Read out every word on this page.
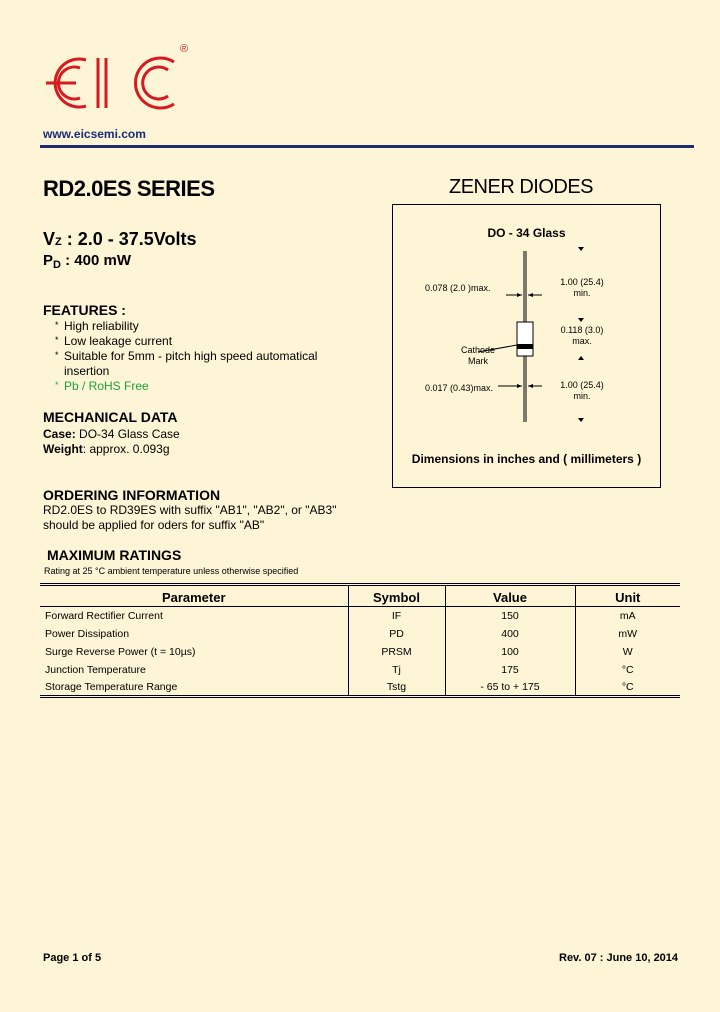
®
www.eicsemi.com
RD2.0ES SERIES	ZENER DIODES
VZ : 2.0 - 37.5Volts
$P_D$ : 400 mW
FEATURES :
* High reliability
* Low leakage current
* Suitable for 5mm - pitch high speed automatical insertion
* Pb / RoHS Free
MECHANICAL DATA
Case: DO-34 Glass Case
Weight: approx. 0.093g
ORDERING INFORMATION
RD2.0ES to RD39ES with suffix "AB1", "AB2", or "AB3" should be applied for oders for suffix "AB"
DO - 34 Glass
0.078 (2.0 )max.
1.00 (25.4)
min.
0.118 (3.0)
max.
Cathode
Mark
0.017 (0.43)max.	1.00 (25.4)
min.
Dimensions in inches and ( millimeters )
MAXIMUM RATINGS
Rating at 25 °C ambient temperature unless otherwise specified
Parameter	Symbol	Value	Unit
Forward Rectifier Current	IF	150	mA
Power Dissipation	PD	400	mW
Surge Reverse Power (t = 10µs)	PRSM	100	W
Junction Temperature	Tj	175	°C
Storage Temperature Range	Tstg	- 65 to + 175	°C
Page 1 of 5	Rev. 07 : June 10, 2014
